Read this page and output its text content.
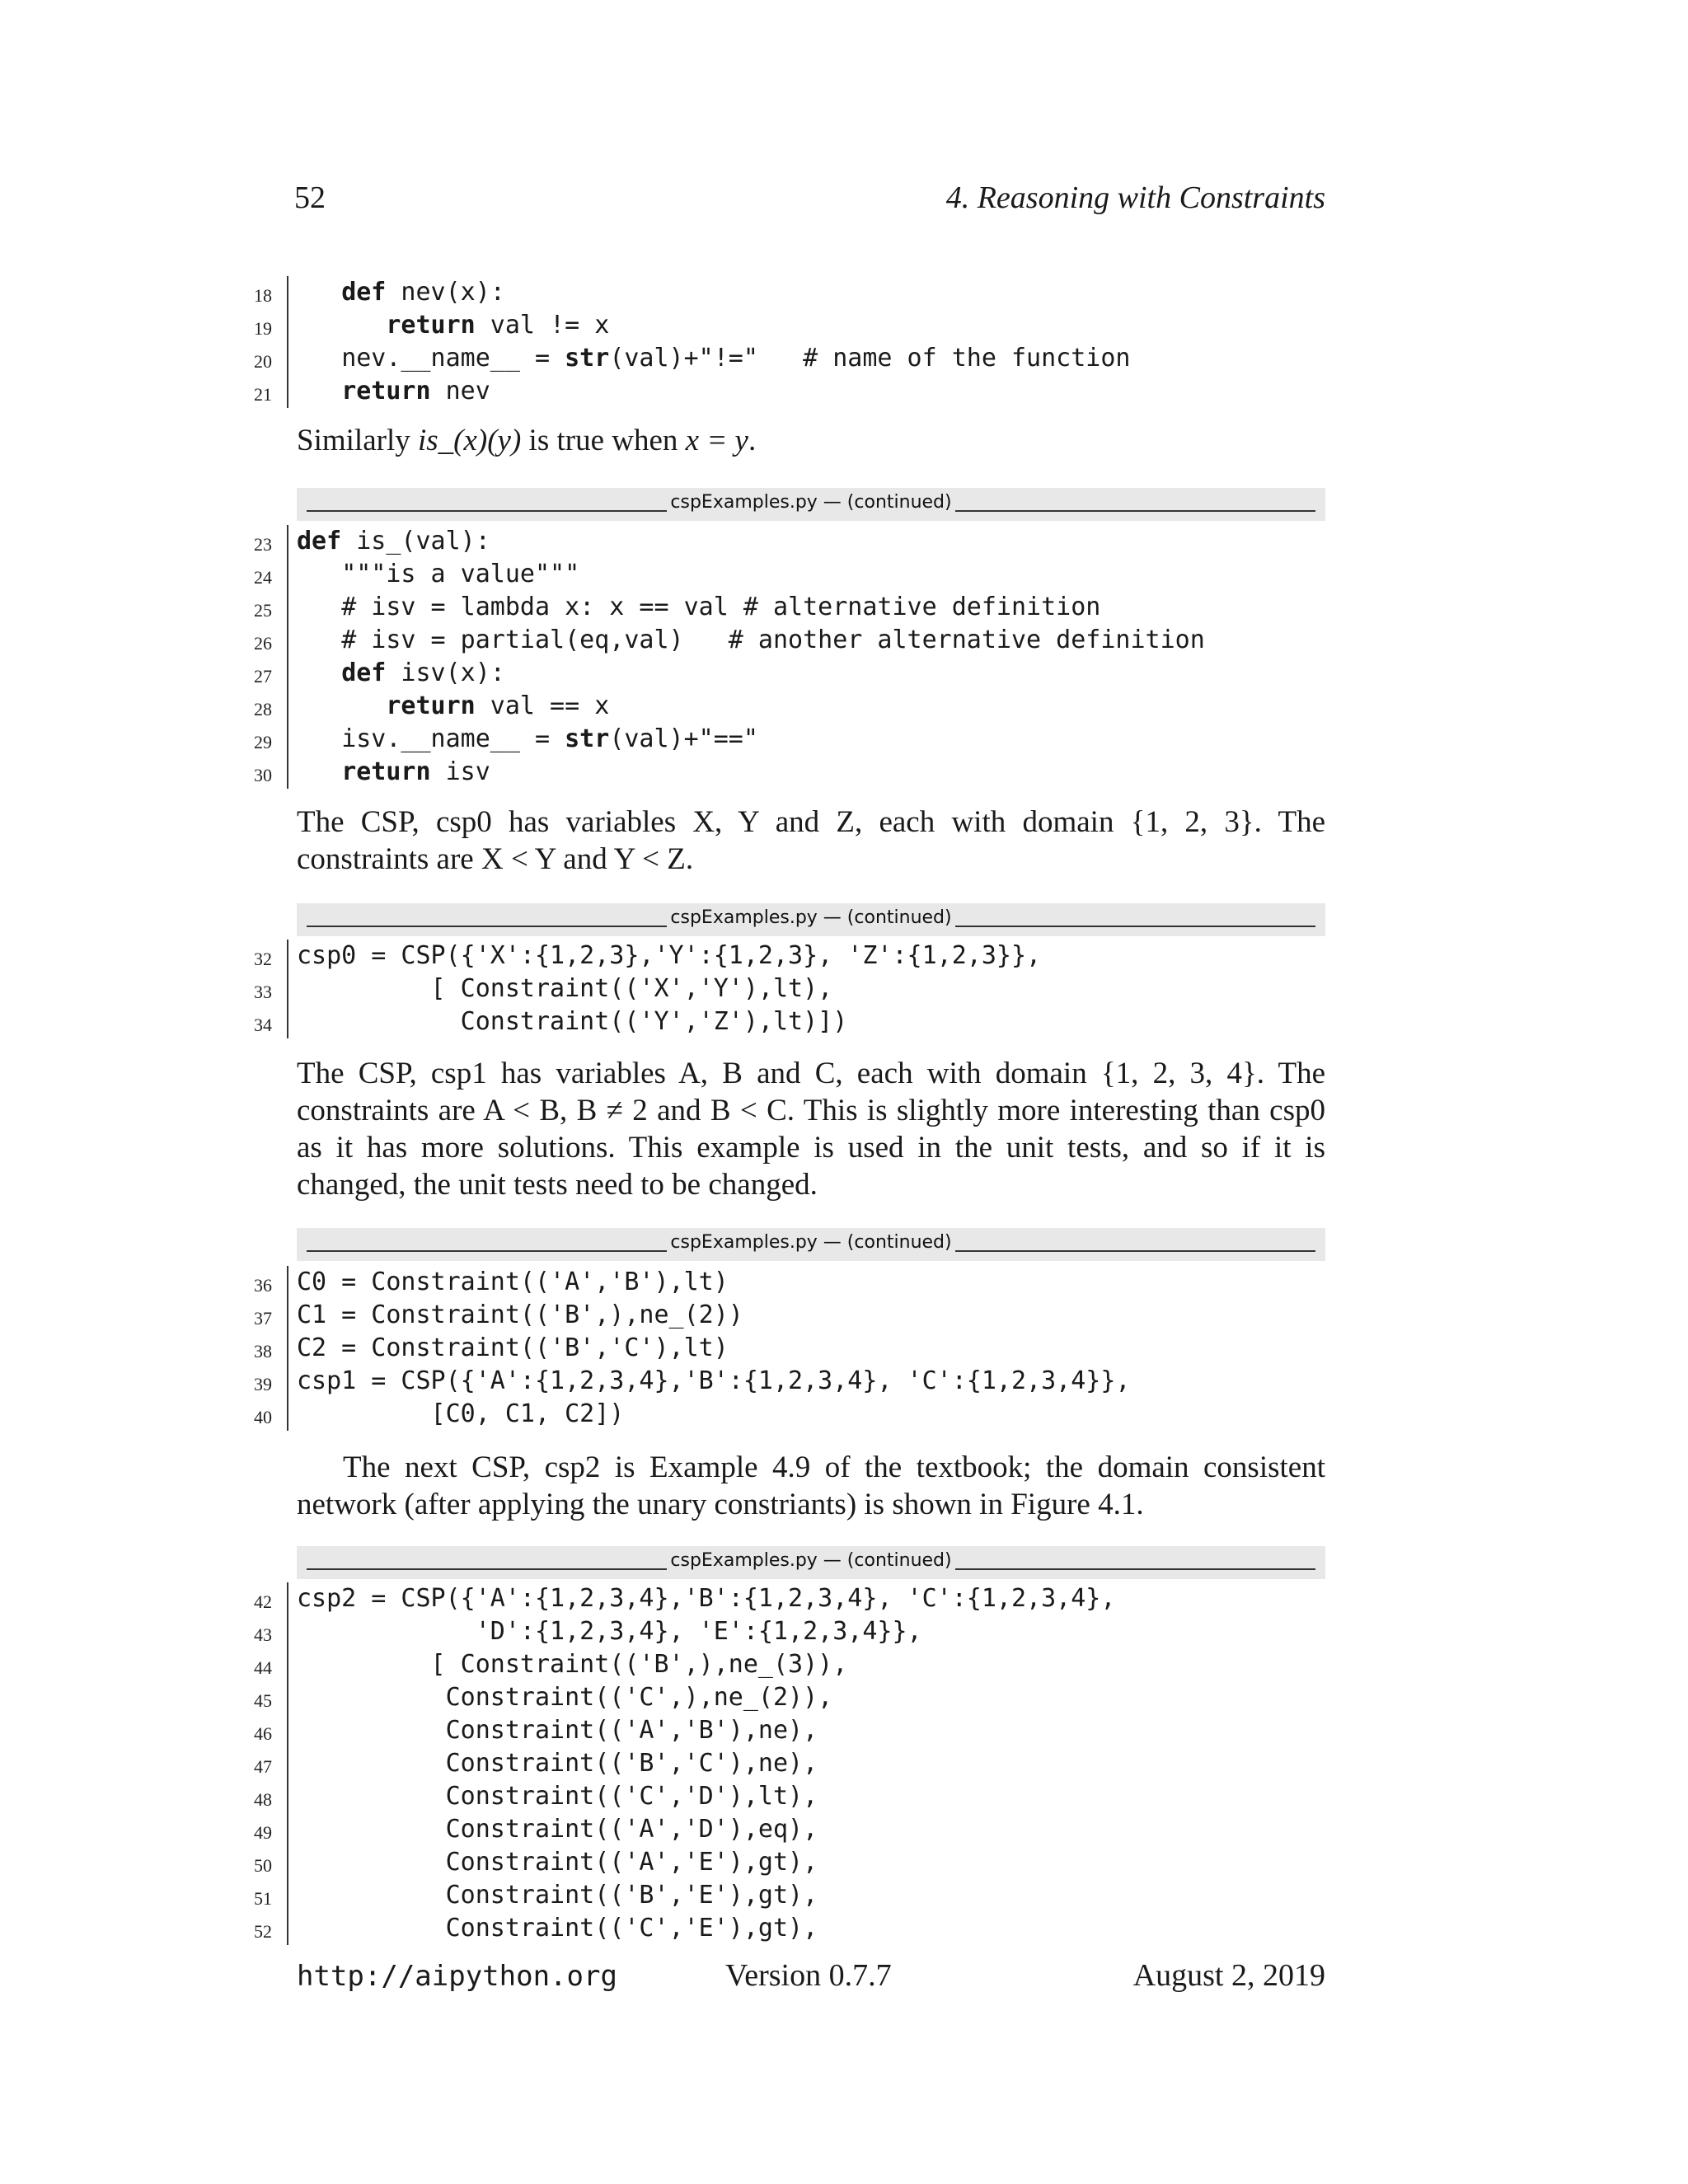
52	4. Reasoning with Constraints
18	def nev(x):
19	return val != x
20	nev.__name__ = str(val)+"!="   # name of the function
21	return nev

Similarly is_(x)(y) is true when x = y.

cspExamples.py — (continued)
23 def is_(val):
24	"""is a value"""
25	# isv = lambda x: x == val # alternative definition
26	# isv = partial(eq,val)   # another alternative definition
27	def isv(x):
28	return val == x
29	isv.__name__ = str(val)+"=="
30	return isv

The CSP, csp0 has variables X, Y and Z, each with domain {1, 2, 3}. The constraints are X < Y and Y < Z.

cspExamples.py — (continued)
32 csp0 = CSP({'X':{1,2,3},'Y':{1,2,3}, 'Z':{1,2,3}},
33 [ Constraint(('X','Y'),lt),
34 Constraint(('Y','Z'),lt)])

The CSP, csp1 has variables A, B and C, each with domain {1, 2, 3, 4}. The constraints are A < B, B ≠ 2 and B < C. This is slightly more interesting than csp0 as it has more solutions. This example is used in the unit tests, and so if it is changed, the unit tests need to be changed.

cspExamples.py — (continued)
36 C0 = Constraint(('A','B'),lt)
37 C1 = Constraint(('B',),ne_(2))
38 C2 = Constraint(('B','C'),lt)
39 csp1 = CSP({'A':{1,2,3,4},'B':{1,2,3,4}, 'C':{1,2,3,4}},
40 [C0, C1, C2])

The next CSP, csp2 is Example 4.9 of the textbook; the domain consistent network (after applying the unary constriants) is shown in Figure 4.1.

cspExamples.py — (continued)
42 csp2 = CSP({'A':{1,2,3,4},'B':{1,2,3,4}, 'C':{1,2,3,4},
43 'D':{1,2,3,4}, 'E':{1,2,3,4}},
44 [ Constraint(('B',),ne_(3)),
45 Constraint(('C',),ne_(2)),
46 Constraint(('A','B'),ne),
47 Constraint(('B','C'),ne),
48 Constraint(('C','D'),lt),
49 Constraint(('A','D'),eq),
50 Constraint(('A','E'),gt),
51 Constraint(('B','E'),gt),
52 Constraint(('C','E'),gt),
http://aipython.org	Version 0.7.7	August 2, 2019
